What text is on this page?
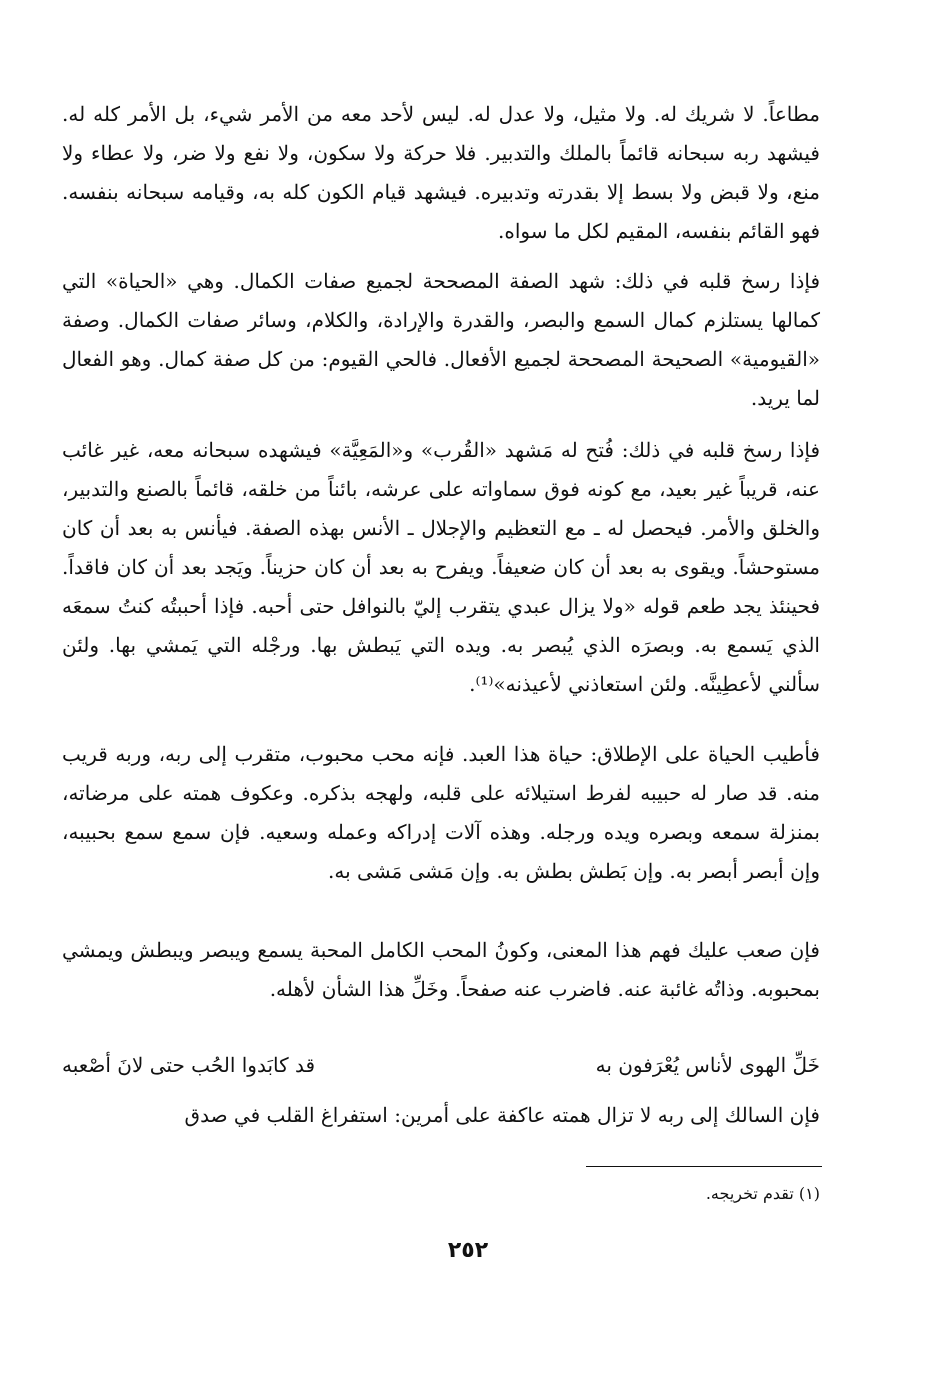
مطاعاً. لا شريك له. ولا مثيل، ولا عدل له. ليس لأحد معه من الأمر شيء، بل الأمر كله له. فيشهد ربه سبحانه قائماً بالملك والتدبير. فلا حركة ولا سكون، ولا نفع ولا ضر، ولا عطاء ولا منع، ولا قبض ولا بسط إلا بقدرته وتدبيره. فيشهد قيام الكون كله به، وقيامه سبحانه بنفسه. فهو القائم بنفسه، المقيم لكل ما سواه.

فإذا رسخ قلبه في ذلك: شهد الصفة المصححة لجميع صفات الكمال. وهي «الحياة» التي كمالها يستلزم كمال السمع والبصر، والقدرة والإرادة، والكلام، وسائر صفات الكمال. وصفة «القيومية» الصحيحة المصححة لجميع الأفعال. فالحي القيوم: من كل صفة كمال. وهو الفعال لما يريد.

فإذا رسخ قلبه في ذلك: فُتح له مَشهد «القُرب» و«المَعِيَّة» فيشهده سبحانه معه، غير غائب عنه، قريباً غير بعيد، مع كونه فوق سماواته على عرشه، بائناً من خلقه، قائماً بالصنع والتدبير، والخلق والأمر. فيحصل له ـ مع التعظيم والإجلال ـ الأنس بهذه الصفة. فيأنس به بعد أن كان مستوحشاً. ويقوى به بعد أن كان ضعيفاً. ويفرح به بعد أن كان حزيناً. ويَجد بعد أن كان فاقداً. فحينئذ يجد طعم قوله «ولا يزال عبدي يتقرب إليّ بالنوافل حتى أحبه. فإذا أحببتُه كنتُ سمعَه الذي يَسمع به. وبصرَه الذي يُبصر به. ويده التي يَبطش بها. ورجْله التي يَمشي بها. ولئن سألني لأعطِينَّه. ولئن استعاذني لأعيذنه»⁽¹⁾.

فأطيب الحياة على الإطلاق: حياة هذا العبد. فإنه محب محبوب، متقرب إلى ربه، وربه قريب منه. قد صار له حبيبه لفرط استيلائه على قلبه، ولهجه بذكره. وعكوف همته على مرضاته، بمنزلة سمعه وبصره ويده ورجله. وهذه آلات إدراكه وعمله وسعيه. فإن سمع سمع بحبيبه، وإن أبصر أبصر به. وإن بَطش بطش به. وإن مَشى مَشى به.

فإن صعب عليك فهم هذا المعنى، وكونُ المحب الكامل المحبة يسمع ويبصر ويبطش ويمشي بمحبوبه. وذاتُه غائبة عنه. فاضرب عنه صفحاً. وخَلِّ هذا الشأن لأهله.

خَلِّ الهوى لأناس يُعْرَفون به
قد كابَدوا الحُب حتى لانَ أصْعبه

فإن السالك إلى ربه لا تزال همته عاكفة على أمرين: استفراغ القلب في صدق

(١) تقدم تخريجه.
٢٥٢
